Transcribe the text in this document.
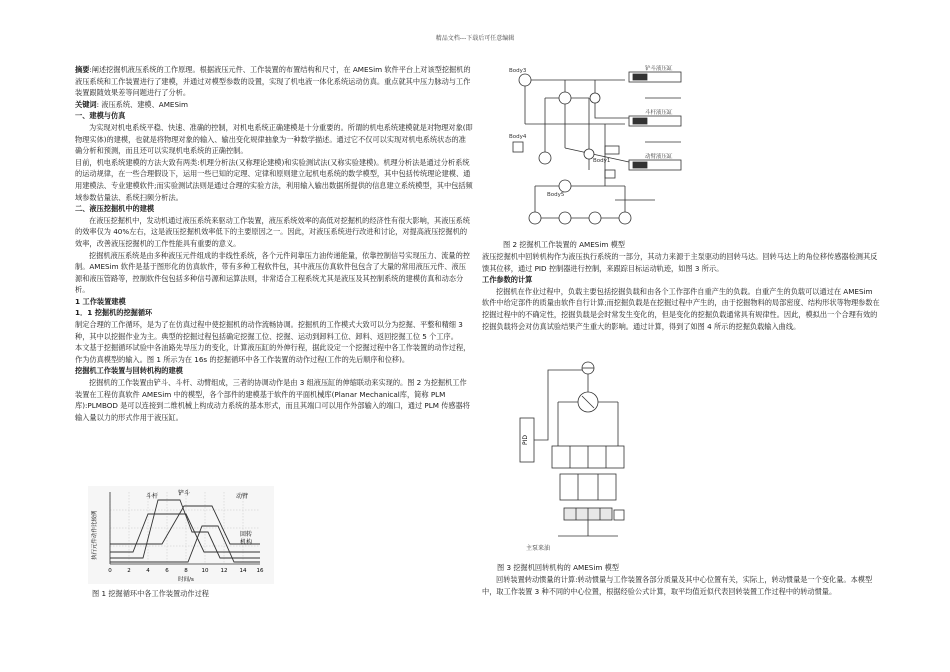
精品文档---下载后可任意编辑

摘要:阐述挖掘机液压系统的工作原理。根据液压元件、工作装置的布置结构和尺寸，在 AMESim 软件平台上对该型挖掘机的液压系统和工作装置进行了建模，并通过对模型参数的设置，实现了机电液一体化系统运动仿真。重点就其中压力脉动与工作装置跟随效果差等问题进行了分析。

关键词: 液压系统、建模、AMESim

一、建模与仿真

为实现对机电系统平稳、快速、准确的控制，对机电系统正确建模是十分重要的。所谓的机电系统建模就是对物理对象(即物理实体)的建模，也就是将物理对象的输入、输出变化规律抽象为一种数学描述。通过它不仅可以实现对机电系统状态的准确分析和预测，而且还可以实现机电系统的正确控制。

目前，机电系统建模的方法大致有两类:机理分析法(又称理论建模)和实验测试法(又称实验建模)。机理分析法是通过分析系统的运动规律，在一些合理假设下，运用一些已知的定理、定律和原则建立起机电系统的数学模型，其中包括传统理论建模、通用建模法、专业建模软件;而实验测试法则是通过合理的实验方法，利用输入输出数据所提供的信息建立系统模型，其中包括频域参数估量法、系统扫频分析法。

二、液压挖掘机中的建模

在液压挖掘机中，发动机通过液压系统来驱动工作装置，液压系统效率的高低对挖掘机的经济性有很大影响，其液压系统的效率仅为 40%左右，这是液压挖掘机效率低下的主要原因之一。因此，对液压系统进行改进和讨论，对提高液压挖掘机的效率，改善液压挖掘机的工作性能具有重要的意义。

挖掘机液压系统是由多种液压元件组成的非线性系统，各个元件间靠压力油传递能量，依靠控制信号实现压力、流量的控制。AMESim 软件是基于图形化的仿真软件，带有多种工程软件包，其中液压仿真软件包包含了大量的常用液压元件、液压源和液压管路等，控制软件包包括多种信号源和运算法则，非常适合工程系统尤其是液压及其控制系统的建模仿真和动态分析。

1 工作装置建模

1．1 挖掘机的挖掘循环

制定合理的工作循环，是为了在仿真过程中使挖掘机的动作流畅协调。挖掘机的工作模式大致可以分为挖掘、平整和精细 3 种，其中以挖掘作业为主。典型的挖掘过程包括确定挖掘工位、挖掘、运动到卸料工位、卸料、返回挖掘工位 5 个工序。

本文基于挖掘循环试验中各油路先导压力的变化，计算液压缸的外伸行程，据此设定一个挖掘过程中各工作装置的动作过程，作为仿真模型的输入。图 1 所示为在 16s 的挖掘循环中各工作装置的动作过程(工作的先后顺序和位移)。

挖掘机工作装置与回转机构的建模

挖掘机的工作装置由铲斗、斗杆、动臂组成，三者的协调动作是由 3 组液压缸的伸缩联动来实现的。图 2 为挖掘机工作装置在工程仿真软件 AMESim 中的模型，各个部件的建模基于软件的平面机械库(Planar Mechanical库，简称 PLM 库):PLMBOD 是可以连接到二维机械上构成动力系统的基本形式，而且其端口可以用作外部输入的端口，通过 PLM 传感器将输入量以力的形式作用于液压缸。

斗杆	铲斗	动臂
回转
机构
执行元件动作比较例
0	2	4	6	8	10 12 14 16
时间/s
图 1 挖掘循环中各工作装置动作过程
Body3
Body4
Body1
Body5
铲斗液压缸
斗杆液压缸
动臂液压缸
图 2 挖掘机工作装置的 AMESim 模型

液压挖掘机中回转机构作为液压执行系统的一部分，其动力来源于主泵驱动的回转马达。回转马达上的角位移传感器检测其反馈其位移，通过 PID 控制器进行控制，来跟踪目标运动轨迹，如图 3 所示。

工作参数的计算

挖掘机在作业过程中，负载主要包括挖掘负载和由各个工作部件自重产生的负载。自重产生的负载可以通过在 AMESim 软件中给定部件的质量由软件自行计算;而挖掘负载是在挖掘过程中产生的，由于挖掘物料的局部密度、结构形状等物理参数在挖掘过程中的不确定性，挖掘负载是会时常发生变化的，但是变化的挖掘负载通常具有规律性。因此，模拟出一个合理有效的挖掘负载将会对仿真试验结果产生重大的影响。通过计算，得到了如图 4 所示的挖掘负载输入曲线。

PID
主泵来油
图 3 挖掘机回转机构的 AMESim 模型

回转装置转动惯量的计算:转动惯量与工作装置各部分质量及其中心位置有关，实际上，转动惯量是一个变化量。本模型中，取工作装置 3 种不同的中心位置，根据经验公式计算，取平均值近似代表回转装置工作过程中的转动惯量。
